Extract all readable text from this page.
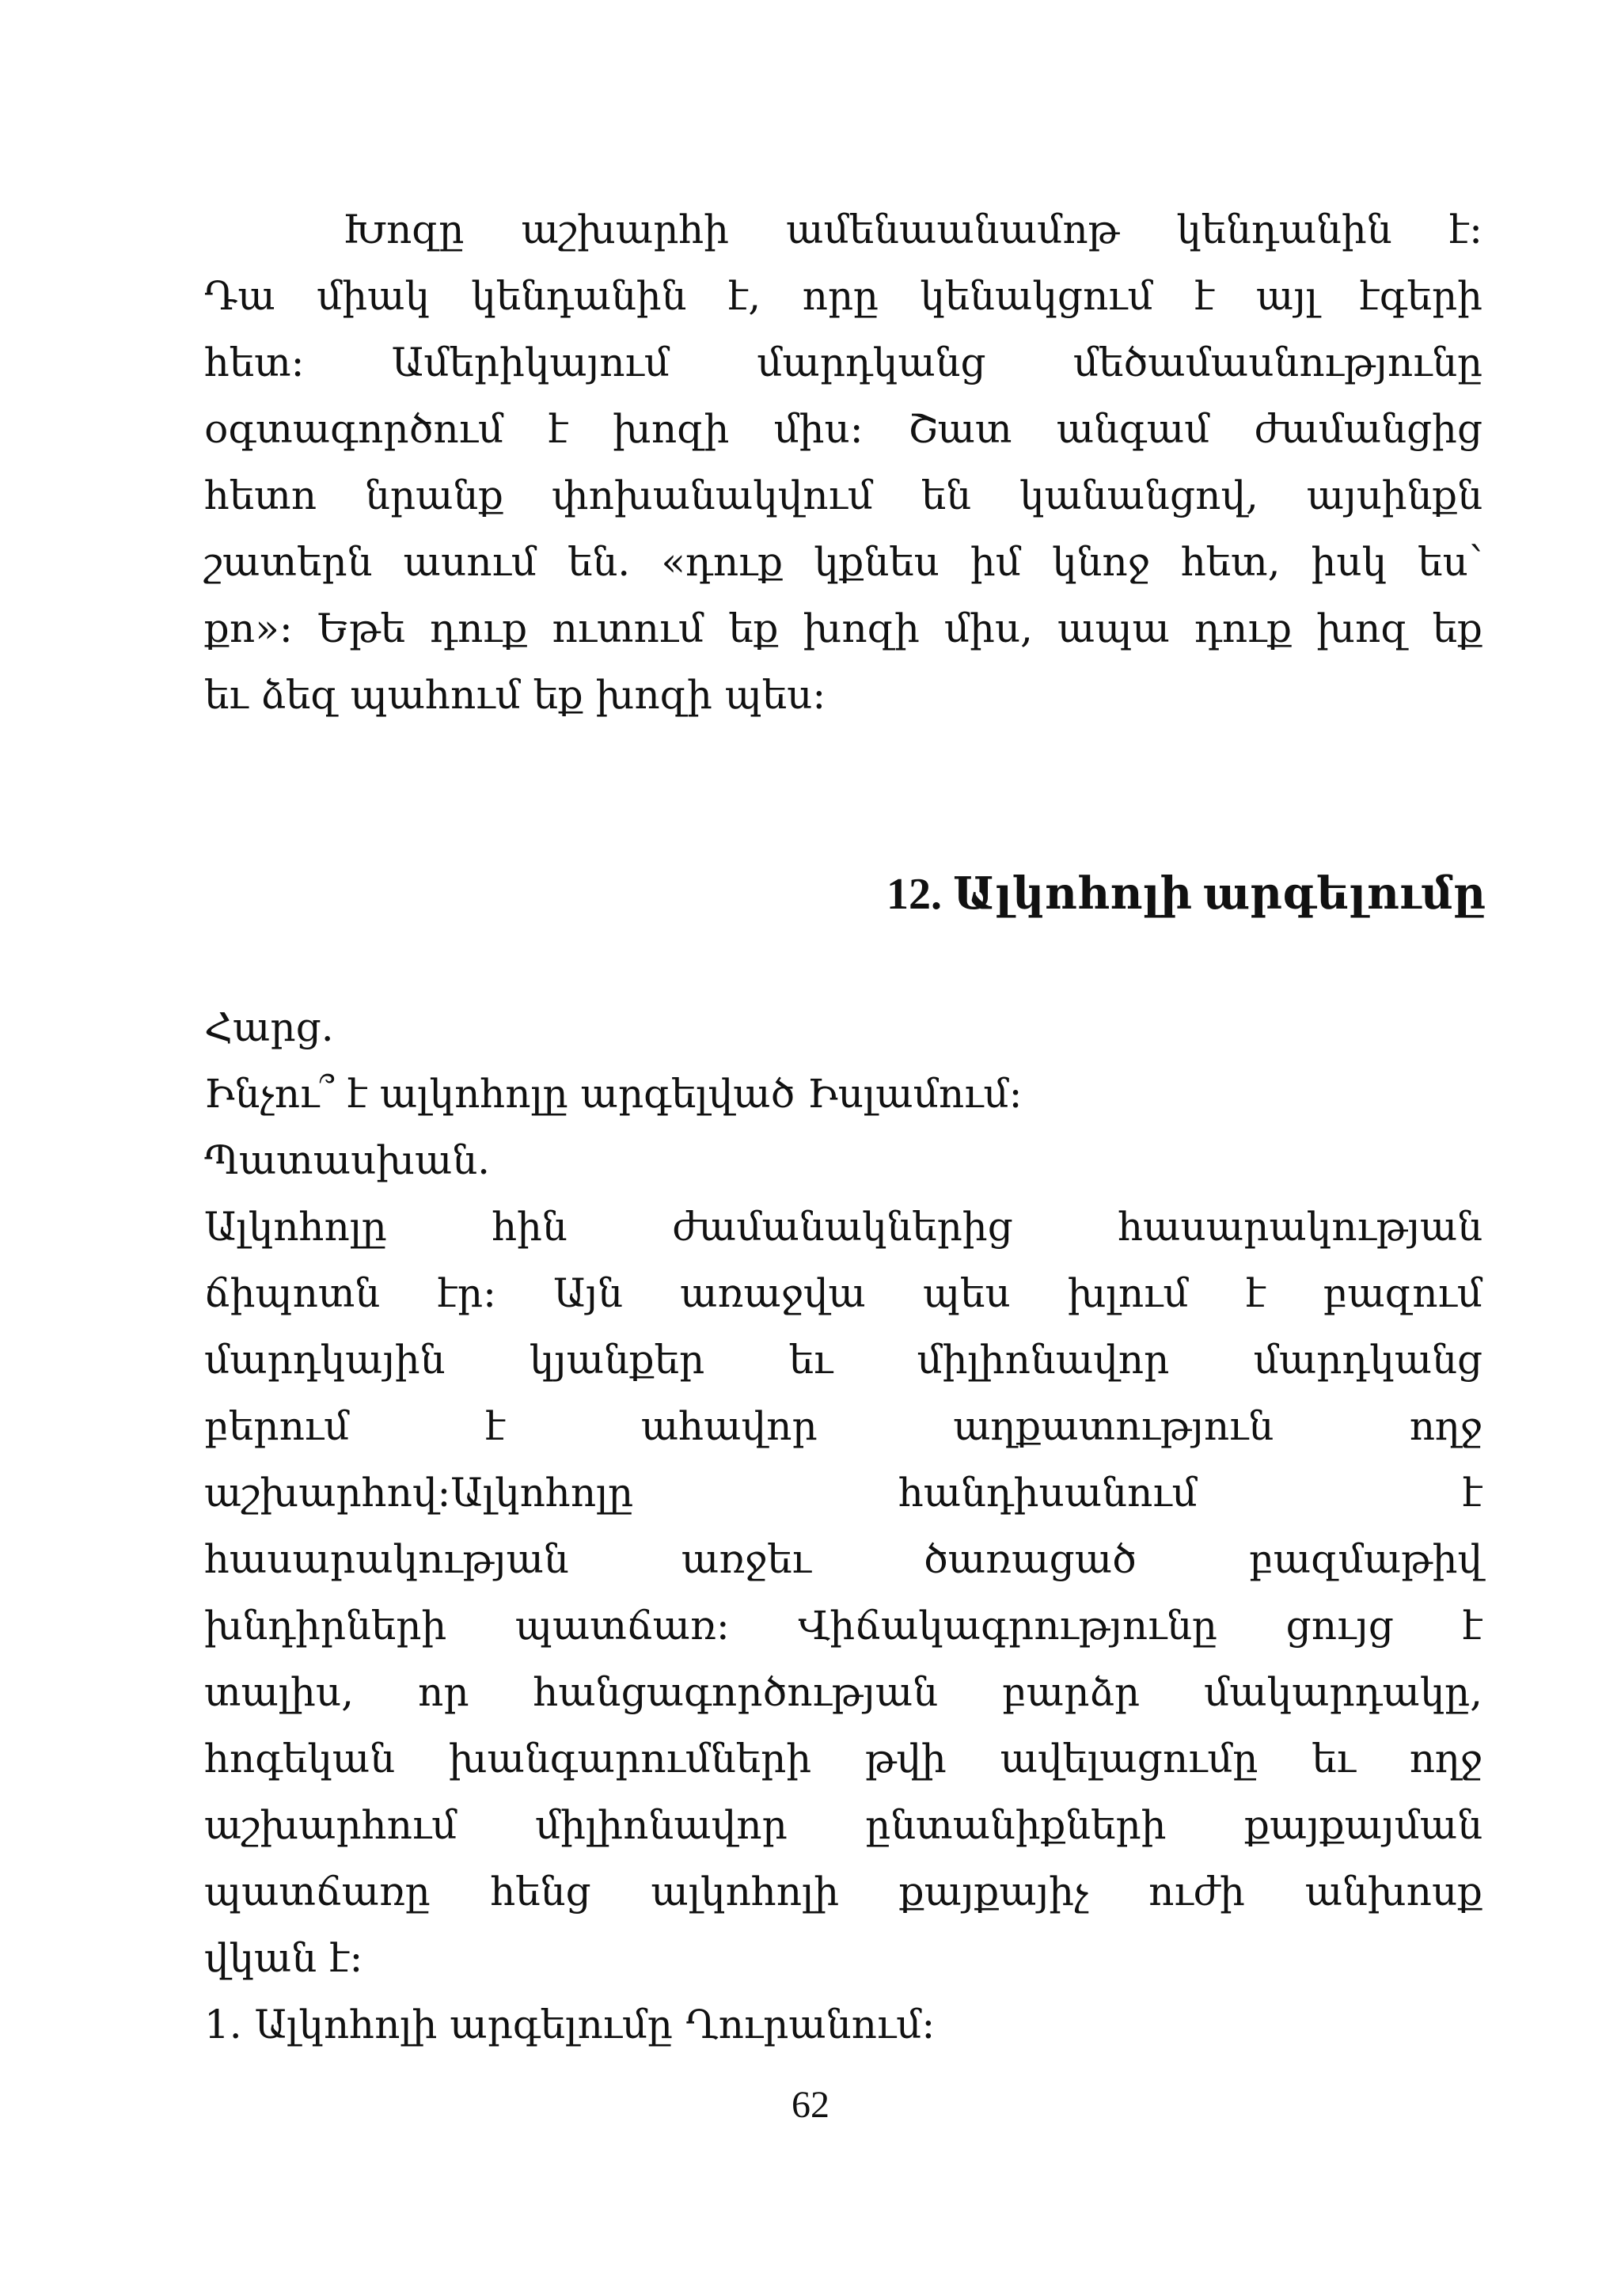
Խոզը աշխարհի ամենաանամոթ կենդանին է:
Դա միակ կենդանին է, որը կենակցում է այլ էգերի
հետ: Ամերիկայում մարդկանց մեծամասնությունը
օգտագործում է խոզի միս: Շատ անգամ ժամանցից
հետո նրանք փոխանակվում են կանանցով, այսինքն
շատերն ասում են. «դուք կքնես իմ կնոջ հետ, իսկ ես՝
քո»: Եթե դուք ուտում եք խոզի միս, ապա դուք խոզ եք
եւ ձեզ պահում եք խոզի պես:
12. Ալկոհոլի արգելումը
Հարց.
Ինչու՞ է ալկոհոլը արգելված Իսլամում:
Պատասխան.
Ալկոհոլը հին ժամանակներից հասարակության
ճիպոտն էր: Այն առաջվա պես խլում է բազում
մարդկային կյանքեր եւ միլիոնավոր մարդկանց
բերում է ահավոր աղքատություն ողջ
աշխարհով:Ալկոհոլը հանդիսանում է
հասարակության առջեւ ծառացած բազմաթիվ
խնդիրների պատճառ: Վիճակագրությունը ցույց է
տալիս, որ հանցագործության բարձր մակարդակը,
հոգեկան խանգարումների թվի ավելացումը եւ ողջ
աշխարհում միլիոնավոր ընտանիքների քայքայման
պատճառը հենց ալկոհոլի քայքայիչ ուժի անխոսք
վկան է:
1. Ալկոհոլի արգելումը Ղուրանում:
62
